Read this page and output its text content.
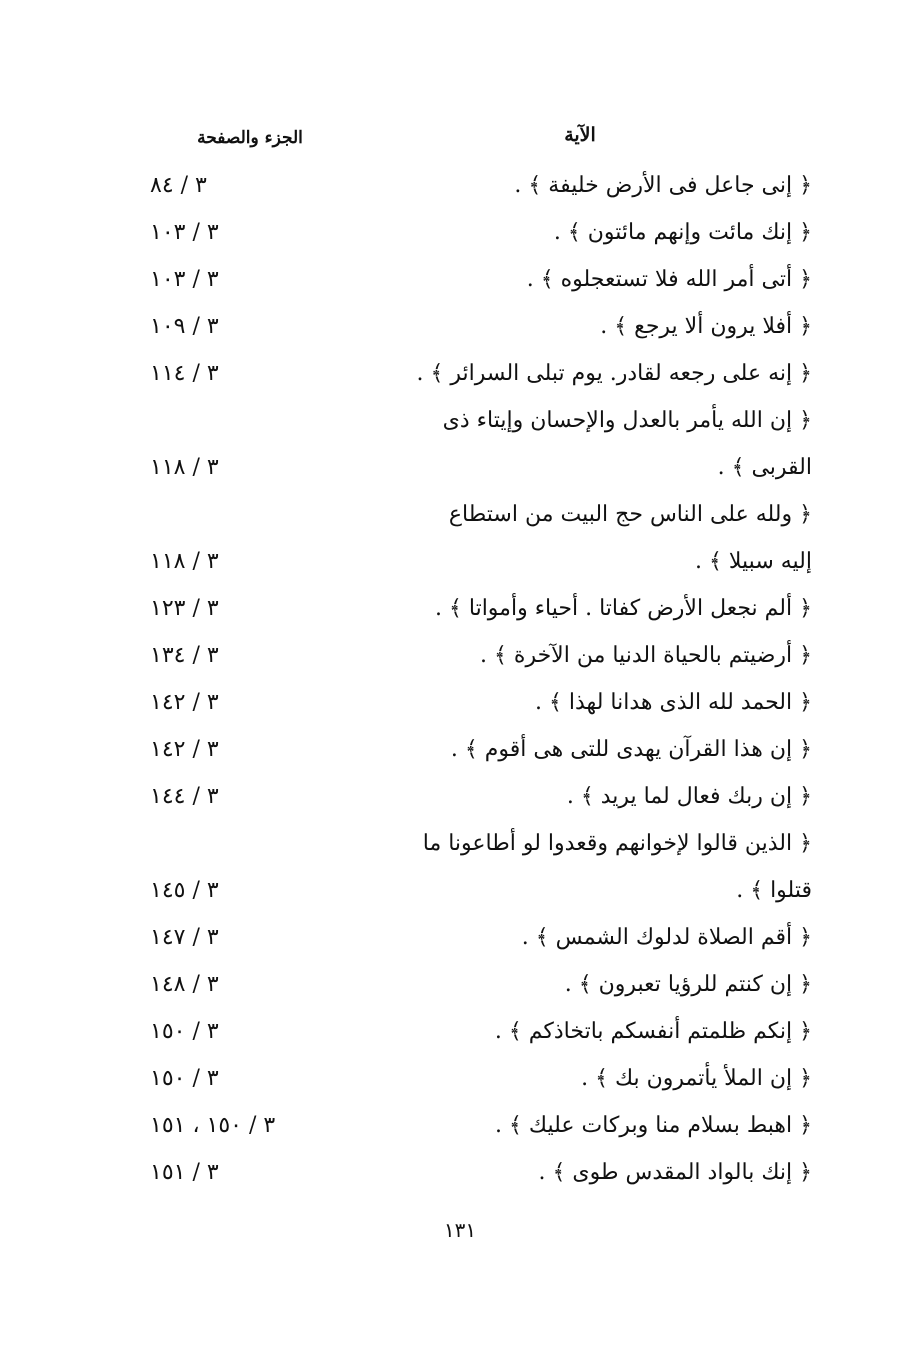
الآية
الجزء والصفحة
﴿ إنى جاعل فى الأرض خليفة ﴾ .
٣ / ٨٤
﴿ إنك مائت وإنهم مائتون ﴾ .
٣ / ١٠٣
﴿ أتى أمر الله فلا تستعجلوه ﴾ .
٣ / ١٠٣
﴿ أفلا يرون ألا يرجع ﴾ .
٣ / ١٠٩
﴿ إنه على رجعه لقادر. يوم تبلى السرائر ﴾ .
٣ / ١١٤
﴿ إن الله يأمر بالعدل والإحسان وإيتاء ذى القربى ﴾ .
٣ / ١١٨
﴿ ولله على الناس حج البيت من استطاع إليه سبيلا ﴾ .
٣ / ١١٨
﴿ ألم نجعل الأرض كفاتا . أحياء وأمواتا ﴾ .
٣ / ١٢٣
﴿ أرضيتم بالحياة الدنيا من الآخرة ﴾ .
٣ / ١٣٤
﴿ الحمد لله الذى هدانا لهذا ﴾ .
٣ / ١٤٢
﴿ إن هذا القرآن يهدى للتى هى أقوم ﴾ .
٣ / ١٤٢
﴿ إن ربك فعال لما يريد ﴾ .
٣ / ١٤٤
﴿ الذين قالوا لإخوانهم وقعدوا لو أطاعونا ما قتلوا ﴾ .
٣ / ١٤٥
﴿ أقم الصلاة لدلوك الشمس ﴾ .
٣ / ١٤٧
﴿ إن كنتم للرؤيا تعبرون ﴾ .
٣ / ١٤٨
﴿ إنكم ظلمتم أنفسكم باتخاذكم ﴾ .
٣ / ١٥٠
﴿ إن الملأ يأتمرون بك ﴾ .
٣ / ١٥٠
﴿ اهبط بسلام منا وبركات عليك ﴾ .
٣ / ١٥٠ ، ١٥١
﴿ إنك بالواد المقدس طوى ﴾ .
٣ / ١٥١
١٣١
